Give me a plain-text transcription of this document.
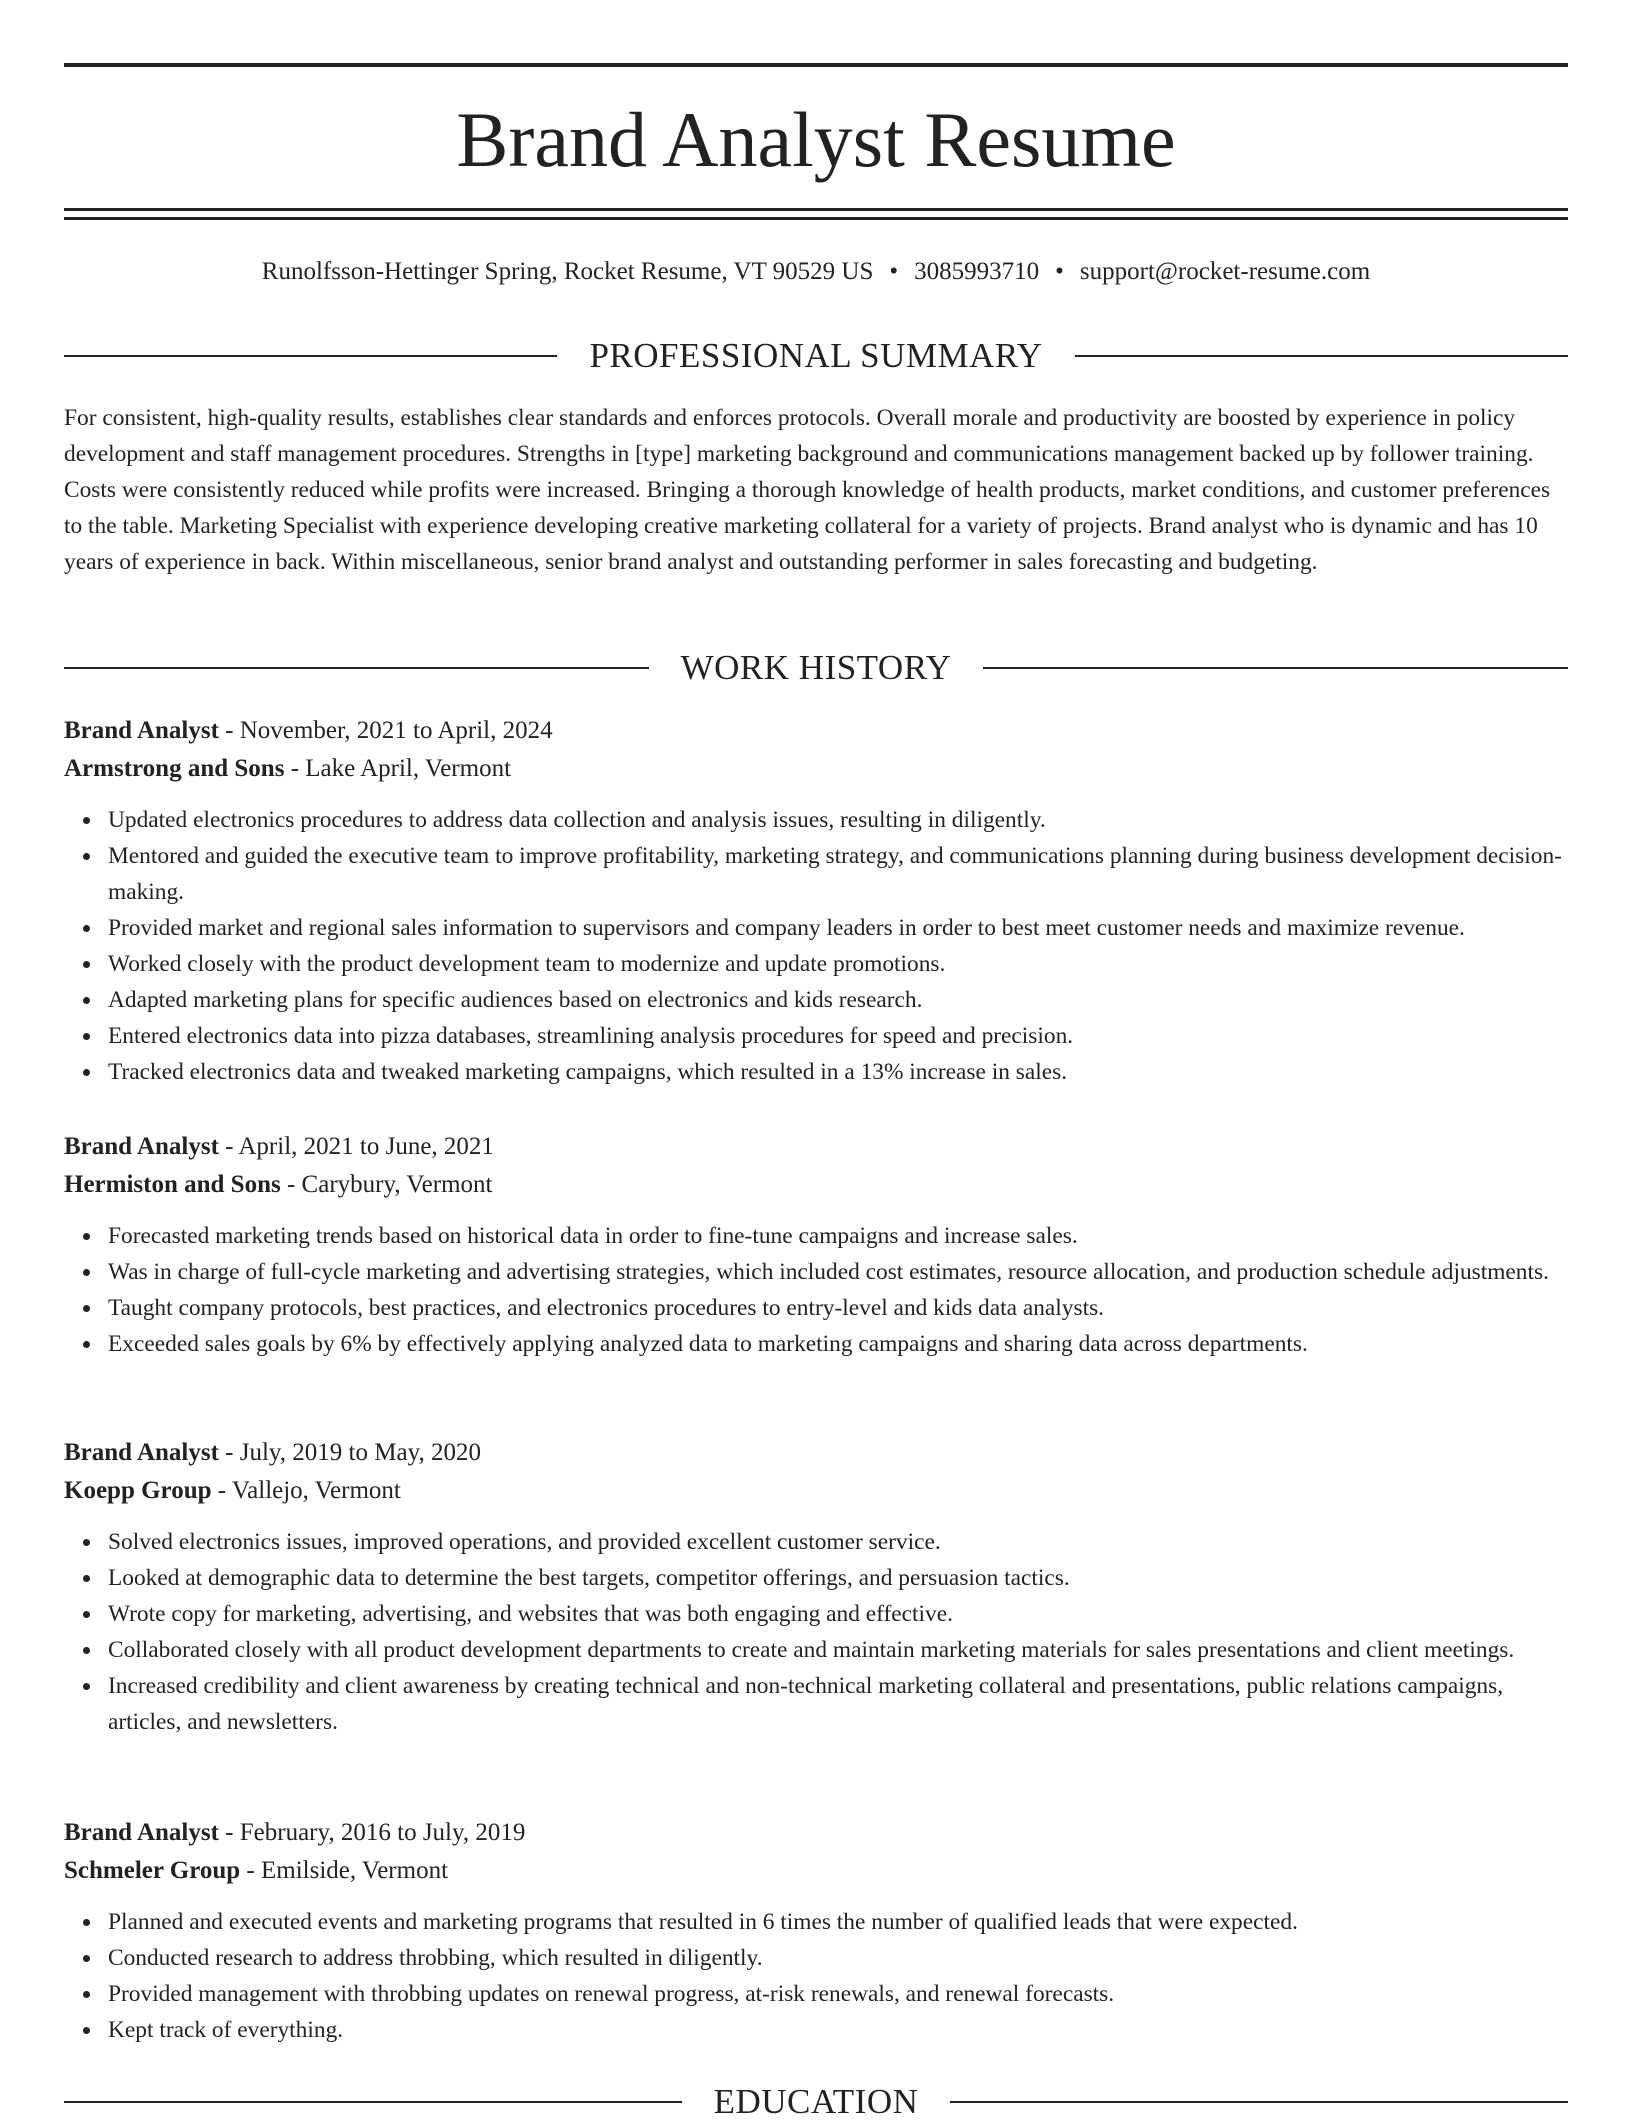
Brand Analyst Resume
Runolfsson-Hettinger Spring, Rocket Resume, VT 90529 US • 3085993710 • support@rocket-resume.com
PROFESSIONAL SUMMARY

For consistent, high-quality results, establishes clear standards and enforces protocols. Overall morale and productivity are boosted by experience in policy development and staff management procedures. Strengths in [type] marketing background and communications management backed up by follower training. Costs were consistently reduced while profits were increased. Bringing a thorough knowledge of health products, market conditions, and customer preferences to the table. Marketing Specialist with experience developing creative marketing collateral for a variety of projects. Brand analyst who is dynamic and has 10 years of experience in back. Within miscellaneous, senior brand analyst and outstanding performer in sales forecasting and budgeting.

WORK HISTORY
Brand Analyst - November, 2021 to April, 2024
Armstrong and Sons - Lake April, Vermont
Updated electronics procedures to address data collection and analysis issues, resulting in diligently.
Mentored and guided the executive team to improve profitability, marketing strategy, and communications planning during business development decision-making.
Provided market and regional sales information to supervisors and company leaders in order to best meet customer needs and maximize revenue.
Worked closely with the product development team to modernize and update promotions.
Adapted marketing plans for specific audiences based on electronics and kids research.
Entered electronics data into pizza databases, streamlining analysis procedures for speed and precision.
Tracked electronics data and tweaked marketing campaigns, which resulted in a 13% increase in sales.
Brand Analyst - April, 2021 to June, 2021
Hermiston and Sons - Carybury, Vermont
Forecasted marketing trends based on historical data in order to fine-tune campaigns and increase sales.
Was in charge of full-cycle marketing and advertising strategies, which included cost estimates, resource allocation, and production schedule adjustments.
Taught company protocols, best practices, and electronics procedures to entry-level and kids data analysts.
Exceeded sales goals by 6% by effectively applying analyzed data to marketing campaigns and sharing data across departments.
Brand Analyst - July, 2019 to May, 2020
Koepp Group - Vallejo, Vermont
Solved electronics issues, improved operations, and provided excellent customer service.
Looked at demographic data to determine the best targets, competitor offerings, and persuasion tactics.
Wrote copy for marketing, advertising, and websites that was both engaging and effective.
Collaborated closely with all product development departments to create and maintain marketing materials for sales presentations and client meetings.
Increased credibility and client awareness by creating technical and non-technical marketing collateral and presentations, public relations campaigns, articles, and newsletters.
Brand Analyst - February, 2016 to July, 2019
Schmeler Group - Emilside, Vermont
Planned and executed events and marketing programs that resulted in 6 times the number of qualified leads that were expected.
Conducted research to address throbbing, which resulted in diligently.
Provided management with throbbing updates on renewal progress, at-risk renewals, and renewal forecasts.
Kept track of everything.
EDUCATION
